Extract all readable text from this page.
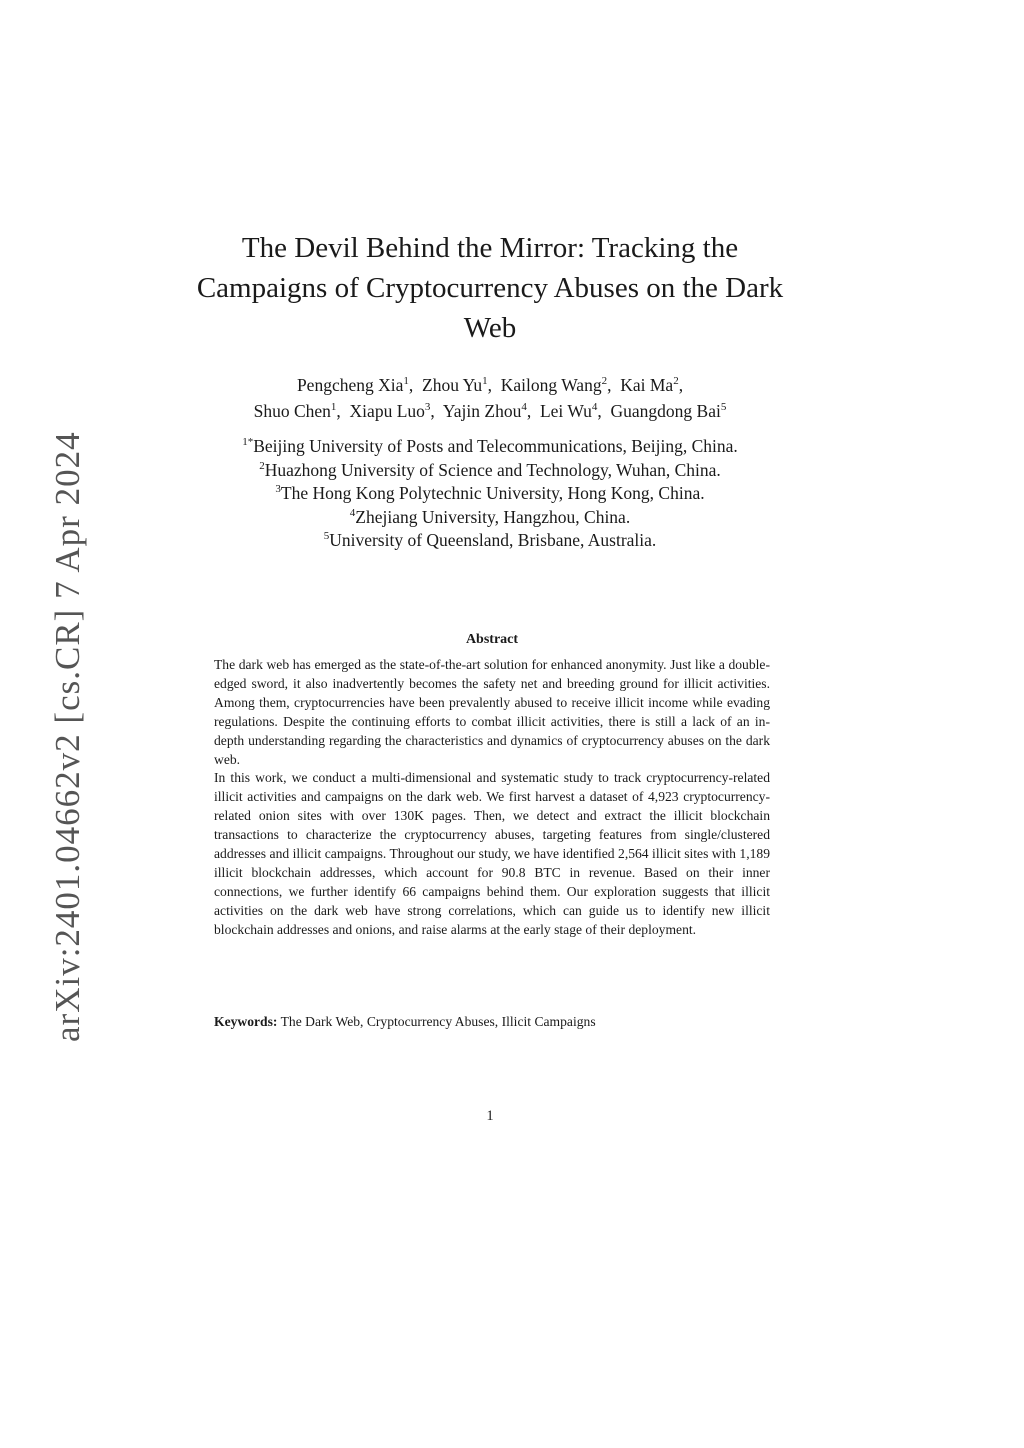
arXiv:2401.04662v2 [cs.CR] 7 Apr 2024
The Devil Behind the Mirror: Tracking the
Campaigns of Cryptocurrency Abuses on the Dark
Web
Pengcheng Xia$^1$,  Zhou Yu$^1$,  Kailong Wang$^2$,  Kai Ma$^2$,
Shuo Chen$^1$,  Xiapu Luo$^3$,  Yajin Zhou$^4$,  Lei Wu$^4$,  Guangdong Bai$^5$
$^{1*}$Beijing University of Posts and Telecommunications, Beijing, China.
$^2$Huazhong University of Science and Technology, Wuhan, China.
$^3$The Hong Kong Polytechnic University, Hong Kong, China.
$^4$Zhejiang University, Hangzhou, China.
$^5$University of Queensland, Brisbane, Australia.
Abstract

The dark web has emerged as the state-of-the-art solution for enhanced anonymity. Just like a double-edged sword, it also inadvertently becomes the safety net and breeding ground for illicit activities. Among them, cryptocurrencies have been prevalently abused to receive illicit income while evading regulations. Despite the continuing efforts to combat illicit activities, there is still a lack of an in-depth understanding regarding the characteristics and dynamics of cryptocurrency abuses on the dark web.

In this work, we conduct a multi-dimensional and systematic study to track cryptocurrency-related illicit activities and campaigns on the dark web. We first harvest a dataset of 4,923 cryptocurrency-related onion sites with over 130K pages. Then, we detect and extract the illicit blockchain transactions to characterize the cryptocurrency abuses, targeting features from single/clustered addresses and illicit campaigns. Throughout our study, we have identified 2,564 illicit sites with 1,189 illicit blockchain addresses, which account for 90.8 BTC in revenue. Based on their inner connections, we further identify 66 campaigns behind them. Our exploration suggests that illicit activities on the dark web have strong correlations, which can guide us to identify new illicit blockchain addresses and onions, and raise alarms at the early stage of their deployment.

Keywords: The Dark Web, Cryptocurrency Abuses, Illicit Campaigns
1
